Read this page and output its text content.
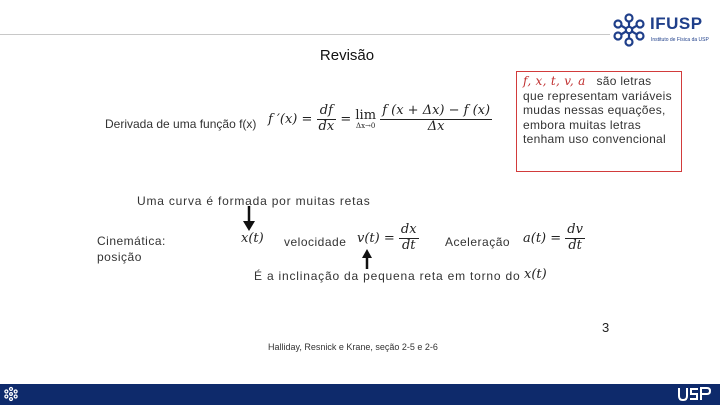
IFUSP
Instituto de Física da USP
Revisão
Derivada de uma função f(x) f $'(x) = \frac{df}{dx} = \lim$
Δx→0
$\frac{f (x + \Delta x) - f (x)}{\Delta x}$
f, x, t, v, a são letras que representam variáveis mudas nessas equações, embora muitas letras tenham uso convencional
Uma curva é formada por muitas retas
Cinemática:
posição
x(t) velocidade $v(t) = \frac{dx}{dt}$ Aceleração $a(t) = \frac{dv}{dt}$
É a inclinação da pequena reta em torno do x(t)
3
Halliday, Resnick e Krane, seção 2-5 e 2-6
